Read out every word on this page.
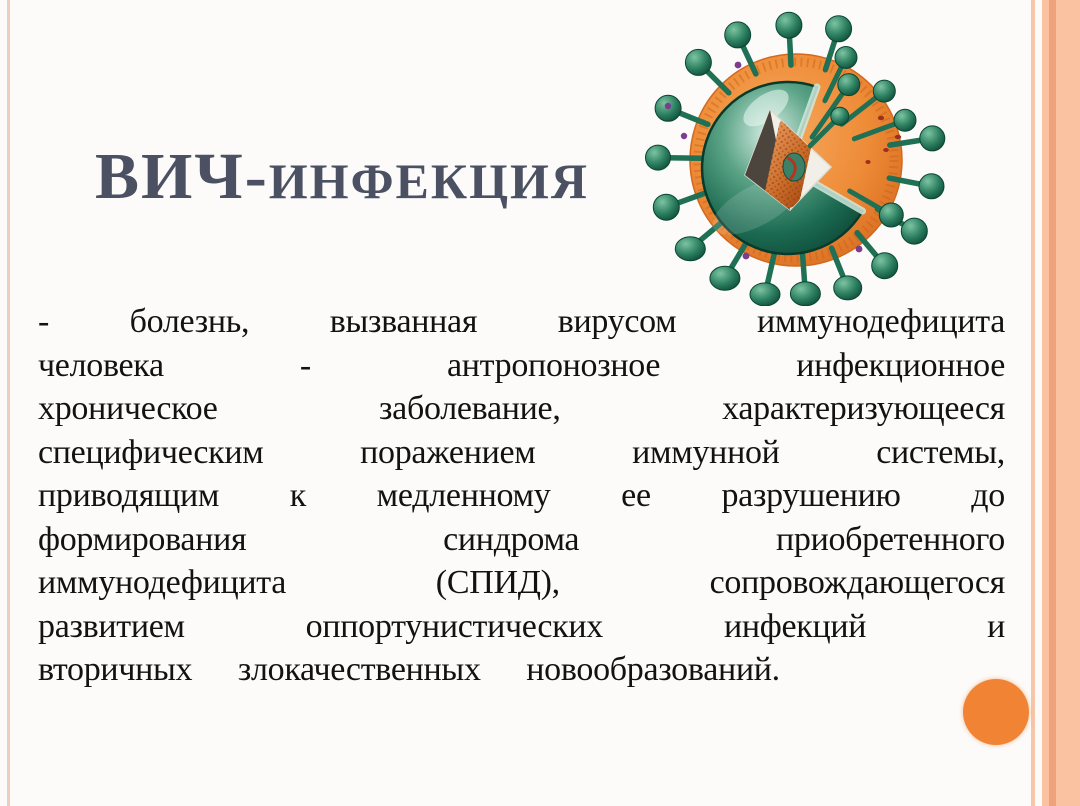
ВИЧ-ИНФЕКЦИЯ
- болезнь, вызванная вирусом иммунодефицита
человека - антропонозное инфекционное
хроническое заболевание, характеризующееся
специфическим поражением иммунной системы,
приводящим к медленному ее разрушению до
формирования синдрома приобретенного
иммунодефицита (СПИД), сопровождающегося
развитием оппортунистических инфекций и
вторичных злокачественных новообразований.
